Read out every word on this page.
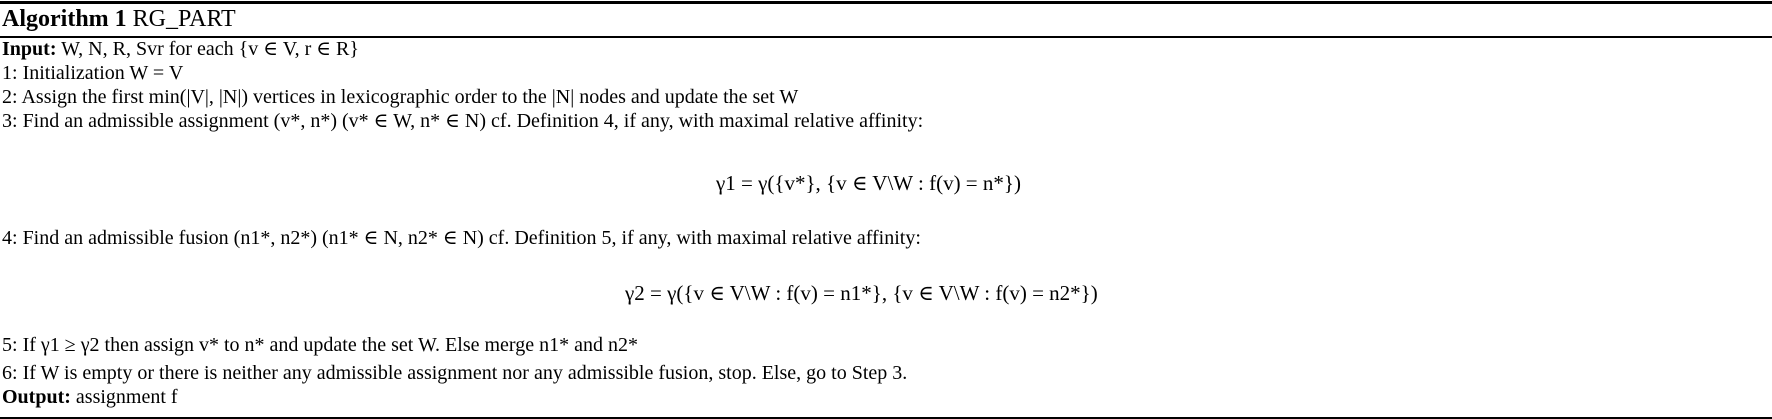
Algorithm 1 RG_PART
Input: W, N, R, Svr for each {v ∈ V, r ∈ R}
1: Initialization W = V
2: Assign the first min(|V|, |N|) vertices in lexicographic order to the |N| nodes and update the set W
3: Find an admissible assignment (v*, n*) (v* ∈ W, n* ∈ N) cf. Definition 4, if any, with maximal relative affinity:
γ1 = γ({v*}, {v ∈ V\W : f(v) = n*})
4: Find an admissible fusion (n1*, n2*) (n1* ∈ N, n2* ∈ N) cf. Definition 5, if any, with maximal relative affinity:
γ2 = γ({v ∈ V\W : f(v) = n1*}, {v ∈ V\W : f(v) = n2*})
5: If γ1 ≥ γ2 then assign v* to n* and update the set W. Else merge n1* and n2*
6: If W is empty or there is neither any admissible assignment nor any admissible fusion, stop. Else, go to Step 3.
Output: assignment f
